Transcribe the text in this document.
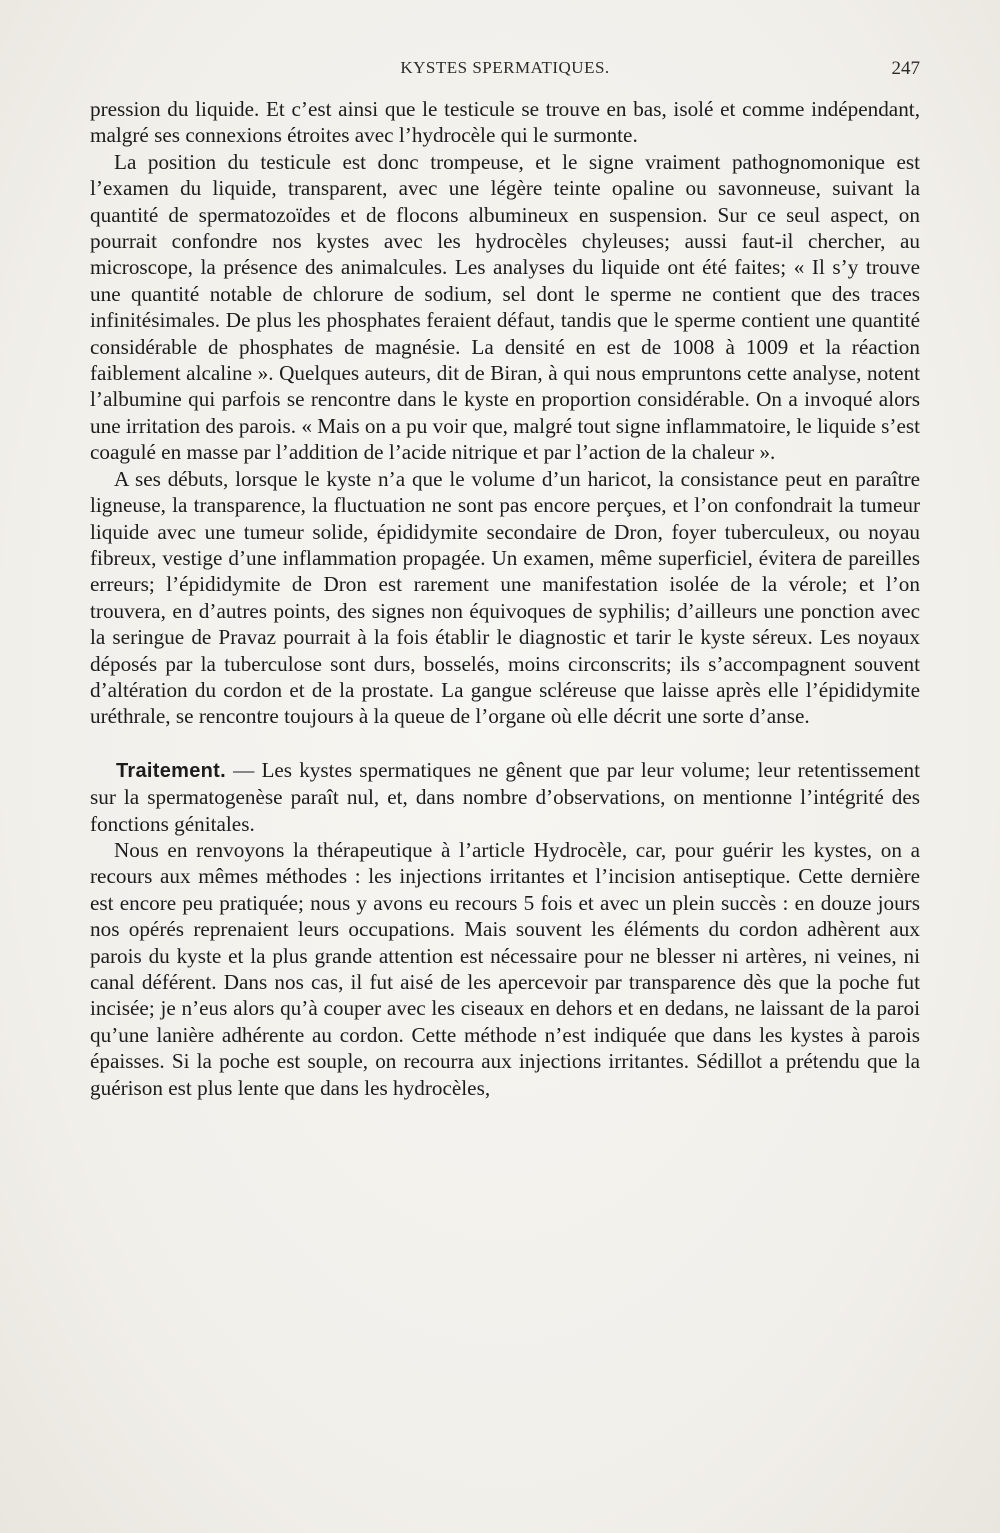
KYSTES SPERMATIQUES.	247

pression du liquide. Et c’est ainsi que le testicule se trouve en bas, isolé et comme indépendant, malgré ses connexions étroites avec l’hydrocèle qui le surmonte.

La position du testicule est donc trompeuse, et le signe vraiment pathognomonique est l’examen du liquide, transparent, avec une légère teinte opaline ou savonneuse, suivant la quantité de spermatozoïdes et de flocons albumineux en suspension. Sur ce seul aspect, on pourrait confondre nos kystes avec les hydrocèles chyleuses; aussi faut-il chercher, au microscope, la présence des animalcules. Les analyses du liquide ont été faites; « Il s’y trouve une quantité notable de chlorure de sodium, sel dont le sperme ne contient que des traces infinitésimales. De plus les phosphates feraient défaut, tandis que le sperme contient une quantité considérable de phosphates de magnésie. La densité en est de 1008 à 1009 et la réaction faiblement alcaline ». Quelques auteurs, dit de Biran, à qui nous empruntons cette analyse, notent l’albumine qui parfois se rencontre dans le kyste en proportion considérable. On a invoqué alors une irritation des parois. « Mais on a pu voir que, malgré tout signe inflammatoire, le liquide s’est coagulé en masse par l’addition de l’acide nitrique et par l’action de la chaleur ».

A ses débuts, lorsque le kyste n’a que le volume d’un haricot, la consistance peut en paraître ligneuse, la transparence, la fluctuation ne sont pas encore perçues, et l’on confondrait la tumeur liquide avec une tumeur solide, épididymite secondaire de Dron, foyer tuberculeux, ou noyau fibreux, vestige d’une inflammation propagée. Un examen, même superficiel, évitera de pareilles erreurs; l’épididymite de Dron est rarement une manifestation isolée de la vérole; et l’on trouvera, en d’autres points, des signes non équivoques de syphilis; d’ailleurs une ponction avec la seringue de Pravaz pourrait à la fois établir le diagnostic et tarir le kyste séreux. Les noyaux déposés par la tuberculose sont durs, bosselés, moins circonscrits; ils s’accompagnent souvent d’altération du cordon et de la prostate. La gangue scléreuse que laisse après elle l’épididymite uréthrale, se rencontre toujours à la queue de l’organe où elle décrit une sorte d’anse.

Traitement. — Les kystes spermatiques ne gênent que par leur volume; leur retentissement sur la spermatogenèse paraît nul, et, dans nombre d’observations, on mentionne l’intégrité des fonctions génitales.

Nous en renvoyons la thérapeutique à l’article Hydrocèle, car, pour guérir les kystes, on a recours aux mêmes méthodes : les injections irritantes et l’incision antiseptique. Cette dernière est encore peu pratiquée; nous y avons eu recours 5 fois et avec un plein succès : en douze jours nos opérés reprenaient leurs occupations. Mais souvent les éléments du cordon adhèrent aux parois du kyste et la plus grande attention est nécessaire pour ne blesser ni artères, ni veines, ni canal déférent. Dans nos cas, il fut aisé de les apercevoir par transparence dès que la poche fut incisée; je n’eus alors qu’à couper avec les ciseaux en dehors et en dedans, ne laissant de la paroi qu’une lanière adhérente au cordon. Cette méthode n’est indiquée que dans les kystes à parois épaisses. Si la poche est souple, on recourra aux injections irritantes. Sédillot a prétendu que la guérison est plus lente que dans les hydrocèles,
